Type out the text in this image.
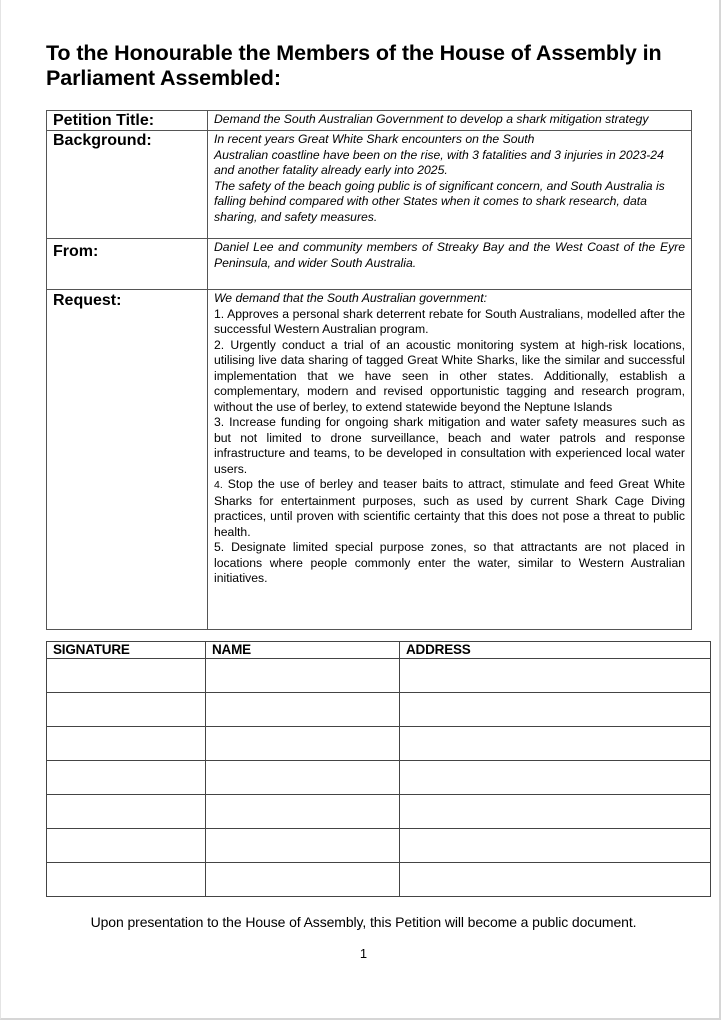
To the Honourable the Members of the House of Assembly in Parliament Assembled:
Petition Title:	Demand the South Australian Government to develop a shark mitigation strategy
Background:	In recent years Great White Shark encounters on the South
Australian coastline have been on the rise, with 3 fatalities and 3 injuries in 2023-24 and another fatality already early into 2025.
The safety of the beach going public is of significant concern, and South Australia is falling behind compared with other States when it comes to shark research, data sharing, and safety measures.

From:	Daniel Lee and community members of Streaky Bay and the West Coast of the Eyre Peninsula, and wider South Australia.
Request:	We demand that the South Australian government:
1. Approves a personal shark deterrent rebate for South Australians, modelled after the successful Western Australian program.
2. Urgently conduct a trial of an acoustic monitoring system at high-risk locations, utilising live data sharing of tagged Great White Sharks, like the similar and successful implementation that we have seen in other states. Additionally, establish a complementary, modern and revised opportunistic tagging and research program, without the use of berley, to extend statewide beyond the Neptune Islands
3. Increase funding for ongoing shark mitigation and water safety measures such as but not limited to drone surveillance, beach and water patrols and response infrastructure and teams, to be developed in consultation with experienced local water users.
4. Stop the use of berley and teaser baits to attract, stimulate and feed Great White Sharks for entertainment purposes, such as used by current Shark Cage Diving practices, until proven with scientific certainty that this does not pose a threat to public health.
5. Designate limited special purpose zones, so that attractants are not placed in locations where people commonly enter the water, similar to Western Australian initiatives.
SIGNATURE	NAME	ADDRESS

Upon presentation to the House of Assembly, this Petition will become a public document.
1
